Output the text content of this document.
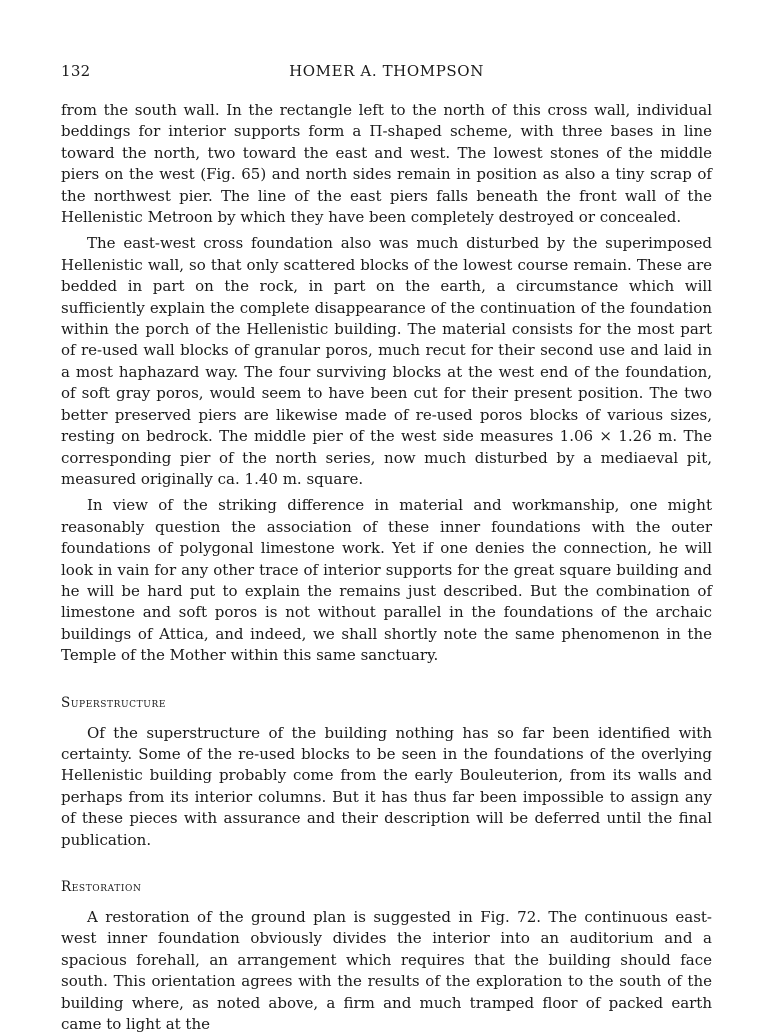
132	HOMER A. THOMPSON

from the south wall. In the rectangle left to the north of this cross wall, individual beddings for interior supports form a Π-shaped scheme, with three bases in line toward the north, two toward the east and west. The lowest stones of the middle piers on the west (Fig. 65) and north sides remain in position as also a tiny scrap of the northwest pier. The line of the east piers falls beneath the front wall of the Hellenistic Metroon by which they have been completely destroyed or concealed.

The east-west cross foundation also was much disturbed by the superimposed Hellenistic wall, so that only scattered blocks of the lowest course remain. These are bedded in part on the rock, in part on the earth, a circumstance which will sufficiently explain the complete disappearance of the continuation of the foundation within the porch of the Hellenistic building. The material consists for the most part of re-used wall blocks of granular poros, much recut for their second use and laid in a most haphazard way. The four surviving blocks at the west end of the foundation, of soft gray poros, would seem to have been cut for their present position. The two better preserved piers are likewise made of re-used poros blocks of various sizes, resting on bedrock. The middle pier of the west side measures 1.06 × 1.26 m. The corresponding pier of the north series, now much disturbed by a mediaeval pit, measured originally ca. 1.40 m. square.

In view of the striking difference in material and workmanship, one might reasonably question the association of these inner foundations with the outer foundations of polygonal limestone work. Yet if one denies the connection, he will look in vain for any other trace of interior supports for the great square building and he will be hard put to explain the remains just described. But the combination of limestone and soft poros is not without parallel in the foundations of the archaic buildings of Attica, and indeed, we shall shortly note the same phenomenon in the Temple of the Mother within this same sanctuary.

Superstructure

Of the superstructure of the building nothing has so far been identified with certainty. Some of the re-used blocks to be seen in the foundations of the overlying Hellenistic building probably come from the early Bouleuterion, from its walls and perhaps from its interior columns. But it has thus far been impossible to assign any of these pieces with assurance and their description will be deferred until the final publication.

Restoration

A restoration of the ground plan is suggested in Fig. 72. The continuous east-west inner foundation obviously divides the interior into an auditorium and a spacious forehall, an arrangement which requires that the building should face south. This orientation agrees with the results of the exploration to the south of the building where, as noted above, a firm and much tramped floor of packed earth came to light at the
